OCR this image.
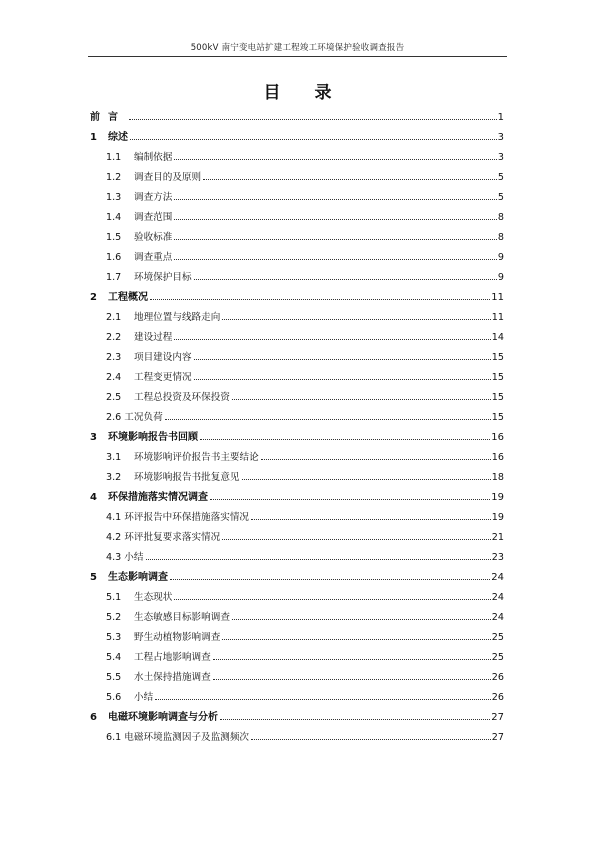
500kV 南宁变电站扩建工程竣工环境保护验收调查报告
目 录
前 言	1
1	综述	3
1.1	编制依据	3
1.2	调查目的及原则	5
1.3	调查方法	5
1.4	调查范围	8
1.5	验收标准	8
1.6	调查重点	9
1.7	环境保护目标	9
2	工程概况	11
2.1	地理位置与线路走向	11
2.2	建设过程	14
2.3	项目建设内容	15
2.4	工程变更情况	15
2.5	工程总投资及环保投资	15
2.6 工况负荷	15
3	环境影响报告书回顾	16
3.1	环境影响评价报告书主要结论	16
3.2	环境影响报告书批复意见	18
4	环保措施落实情况调查	19
4.1 环评报告中环保措施落实情况	19
4.2 环评批复要求落实情况	21
4.3 小结	23
5	生态影响调查	24
5.1	生态现状	24
5.2	生态敏感目标影响调查	24
5.3	野生动植物影响调查	25
5.4	工程占地影响调查	25
5.5	水土保持措施调查	26
5.6	小结	26
6	电磁环境影响调查与分析	27
6.1 电磁环境监测因子及监测频次	27
